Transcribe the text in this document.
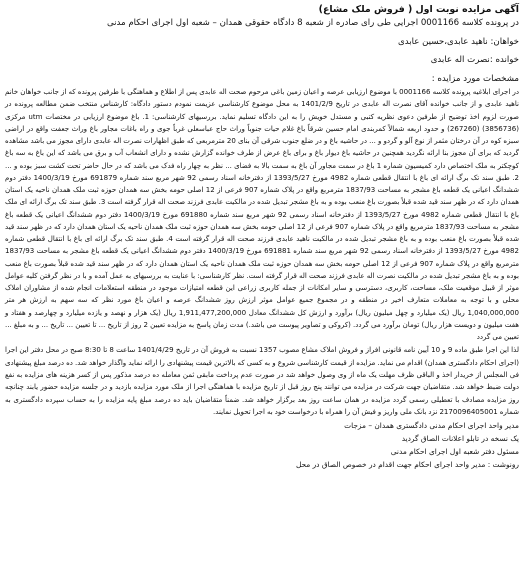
آگهی مزایده نوبت اول ( فروش ملک مشاع)
در پرونده کلاسه 0001166 اجرایی طی رای صادره از شعبه 8 دادگاه حقوقی همدان – شعبه اول اجرای احکام مدنی
خواهان: ناهید عابدی،حسین عابدی
خوانده :نصرت اله عابدی
مشخصات مورد مزایده :
در اجرای ابلاغیه پرونده کلاسه 0001166 با موضوع ارزیابی عرصه و اعیان زمین باغی مرحوم صحت اله عابدی پس از اطلاع و هماهنگی با طرفین پرونده که از جانب خواهان خانم ناهید عابدی و از جانب خوانده آقای نصرت اله عابدی در تاریخ 1401/2/9 به محل موضوع کارشناسی عزیمت نمودم دستور دادگاه: کارشناس منتخب ضمن مطالعه پرونده در صورت لزوم اخذ توضیح از طرفین دعوی نظریه کتبی و مستدل خویش را به این دادگاه تسلیم نماید. بررسیهای کارشناسی: 1. باغ موضوع ارزیابی در مختصات utm مرکزی (3856736) (267260) و حدود اربعه شمالاً کمربندی امام حسین شرقاً باغ غلام حیات جنوباً وراث حاج عباسعلی غرباً جوی و راه باغات مجاور باغ وراث جعفت واقع در اراضی سبزه کوه در آن درختان مثمر از نوع آلو و گردو و ... در حاشیه باغ و در ضلع جنوب شرقی آن بنای 20 مترمربعی که طبق اظهارات نصرت اله عابدی دارای مجوز می باشد مشاهده گردید که برای آن مجوز بنا ارائه نگردید همچنین در حاشیه باغ دیوار باغ و برای باغ عرض از طرف خوانده گزارش نشده و دارای انشعاب آب و برق می باشد که این باغ به سه باغ کوچکتر به ملک اختصاص دارد کمیسیون شماره 1 باغ در سمت مجاور آن باغ به سمت بالا به فضای ... نظر به چهار راه فدک می باشد که در حال حاضر تحت کشت سبز بوده و ... 2. طبق سند تک برگ ارائه ای باغ با انتقال قطعی شماره 4982 مورخ 1393/5/27 از دفترخانه اسناد رسمی 92 شهر مربع سند شماره 691879 مورخ 1400/3/19 دفتر دوم ششدانگ اعیانی یک قطعه باغ مشجر به مساحت 1837/93 مترمربع واقع در پلاک شماره 907 فرعی از 12 اصلی حومه بخش سه همدان حوزه ثبت ملک همدان ناحیه یک استان همدان دارد که در ظهر سند قید شده قبلاً بصورت باغ منعب بوده و به باغ مشجر تبدیل شده در مالکیت عابدی فرزند صحت اله قرار گرفته است 3. طبق سند تک برگ ارائه ای ملک باغ با انتقال قطعی شماره 4982 مورخ 1393/5/27 از دفترخانه اسناد رسمی 92 شهر مربع سند شماره 691880 مورخ 1400/3/19 دفتر دوم ششدانگ اعیانی یک قطعه باغ مشجر به مساحت 1837/93 مترمربع واقع در پلاک شماره 907 فرعی از 12 اصلی حومه بخش سه همدان حوزه ثبت ملک همدان ناحیه یک استان همدان دارد که در ظهر سند قید شده قبلاً بصورت باغ منعب بوده و به باغ مشجر تبدیل شده در مالکیت ناهید عابدی فرزند صحت اله قرار گرفته است 4. طبق سند تک برگ ارائه ای باغ با انتقال قطعی شماره 4982 مورخ 1393/5/27 از دفترخانه اسناد رسمی 92 شهر مربع سند شماره 691881 مورخ 1400/3/19 دفتر دوم ششدانگ اعیانی یک قطعه باغ مشجر به مساحت 1837/93 مترمربع واقع در پلاک شماره 907 فرعی از 12 اصلی حومه بخش سه همدان حوزه ثبت ملک همدان ناحیه یک استان همدان دارد که در ظهر سند قید شده قبلاً بصورت باغ منعب بوده و به باغ مشجر تبدیل شده در مالکیت نصرت اله عابدی فرزند صحت اله قرار گرفته است. نظر کارشناسی: با عنایت به بررسیهای به عمل آمده و با در نظر گرفتن کلیه عوامل موثر از قبیل موقعیت ملک، مساحت، کاربری، دسترسی و سایر امکانات از جمله کاربری زراعی این قطعه امتیازات موجود در منطقه استعلامات انجام شده از مشاوران املاک محلی و با توجه به معاملات متعارف اخیر در منطقه و در مجموع جمیع عوامل موثر ارزش روز ششدانگ عرصه و اعیان باغ مورد نظر که سه سهم به ارزش هر متر 1,040,000,000 ریال (یک میلیارد و چهل میلیون ریال) برآورد و ارزش کل ششدانگ معادل 1,911,477,200,000 ریال (یک هزار و نهصد و یازده میلیارد و چهارصد و هفتاد و هفت میلیون و دویست هزار ریال) تومان برآورد می گردد. (کروکی و تصاویر پیوست می باشد.) مدت زمان پاسخ به مزایده تعیین 2 روز از تاریخ ... تا تعیین ... تاریخ ... و به مبلغ ... تعیین می گردد
لذا این اجرا طبق ماده 9 و 10 آیین نامه قانونی افراز و فروش املاک مشاع مصوب 1357 نسبت به فروش آن در تاریخ 1401/4/29 ساعت 8 تا 8:30 صبح در محل دفتر این اجرا (اجرای احکام دادگستری همدان) اقدام می نماید. مزایده از قیمت کارشناسی شروع و به کسی که بالاترین قیمت پیشنهادی را ارائه نماید واگذار خواهد شد. ده درصد مبلغ پیشنهادی فی المجلس از خریدار اخذ و الباقی ظرف مهلت یک ماه از وی وصول خواهد شد در صورت عدم پرداخت مابقی ثمن معامله ده درصد مذکور پس از کسر هزینه های مزایده به نفع دولت ضبط خواهد شد. متقاضیان جهت شرکت در مزایده می توانند پنج روز قبل از تاریخ مزایده با هماهنگی اجرا از ملک مورد مزایده بازدید و در جلسه مزایده حضور یابند چنانچه روز مزایده مصادف با تعطیلی رسمی گردد مزایده در همان ساعت روز بعد برگزار خواهد شد. ضمناً متقاضیان باید ده درصد مبلغ پایه مزایده را به حساب سپرده دادگستری به شماره 2170096405001 نزد بانک ملی واریز و فیش آن را همراه با درخواست خود به اجرا تحویل نمایند.
مدیر واحد اجرای احکام مدنی دادگستری همدان – مزجات
یک نسخه در تابلو اعلانات الصاق گردید
مسئول دفتر شعبه اول اجرای احکام مدنی
رونوشت : مدیر واحد اجرای احکام جهت اقدام در خصوص الصاق در محل
